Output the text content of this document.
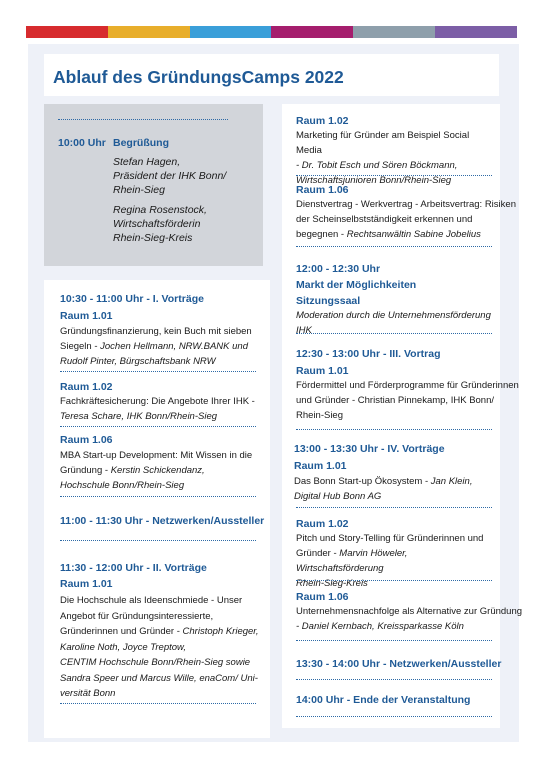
Ablauf des GründungsCamps 2022
10:00 Uhr Begrüßung
Stefan Hagen,
Präsident der IHK Bonn/
Rhein-Sieg
Regina Rosenstock,
Wirtschaftsförderin
Rhein-Sieg-Kreis
10:30 - 11:00 Uhr - I. Vorträge
Raum 1.01
Gründungsfinanzierung, kein Buch mit sieben
Siegeln - Jochen Hellmann, NRW.BANK und
Rudolf Pinter, Bürgschaftsbank NRW
Raum 1.02
Fachkräftesicherung: Die Angebote Ihrer IHK -
Teresa Schare, IHK Bonn/Rhein-Sieg
Raum 1.06
MBA Start-up Development: Mit Wissen in die
Gründung - Kerstin Schickendanz,
Hochschule Bonn/Rhein-Sieg
11:00 - 11:30 Uhr - Netzwerken/Aussteller
11:30 - 12:00 Uhr - II. Vorträge
Raum 1.01
Die Hochschule als Ideenschmiede - Unser
Angebot für Gründungsinteressierte,
Gründerinnen und Gründer - Christoph Krieger,
Karoline Noth, Joyce Treptow,
CENTIM Hochschule Bonn/Rhein-Sieg sowie
Sandra Speer und Marcus Wille, enaCom/ Uni-
versität Bonn
Raum 1.02
Marketing für Gründer am Beispiel Social Media
- Dr. Tobit Esch und Sören Böckmann,
Wirtschaftsjunioren Bonn/Rhein-Sieg
Raum 1.06
Dienstvertrag - Werkvertrag - Arbeitsvertrag: Risiken
der Scheinselbstständigkeit erkennen und
begegnen - Rechtsanwältin Sabine Jobelius
12:00 - 12:30 Uhr
Markt der Möglichkeiten
Sitzungssaal
Moderation durch die Unternehmensförderung IHK
12:30 - 13:00 Uhr - III. Vortrag
Raum 1.01
Fördermittel und Förderprogramme für Gründerinnen
und Gründer - Christian Pinnekamp, IHK Bonn/
Rhein-Sieg
13:00 - 13:30 Uhr - IV. Vorträge
Raum 1.01
Das Bonn Start-up Ökosystem - Jan Klein,
Digital Hub Bonn AG
Raum 1.02
Pitch und Story-Telling für Gründerinnen und
Gründer - Marvin Höweler, Wirtschaftsförderung
Rhein-Sieg-Kreis
Raum 1.06
Unternehmensnachfolge als Alternative zur Gründung
- Daniel Kernbach, Kreissparkasse Köln
13:30 - 14:00 Uhr - Netzwerken/Aussteller
14:00 Uhr - Ende der Veranstaltung
